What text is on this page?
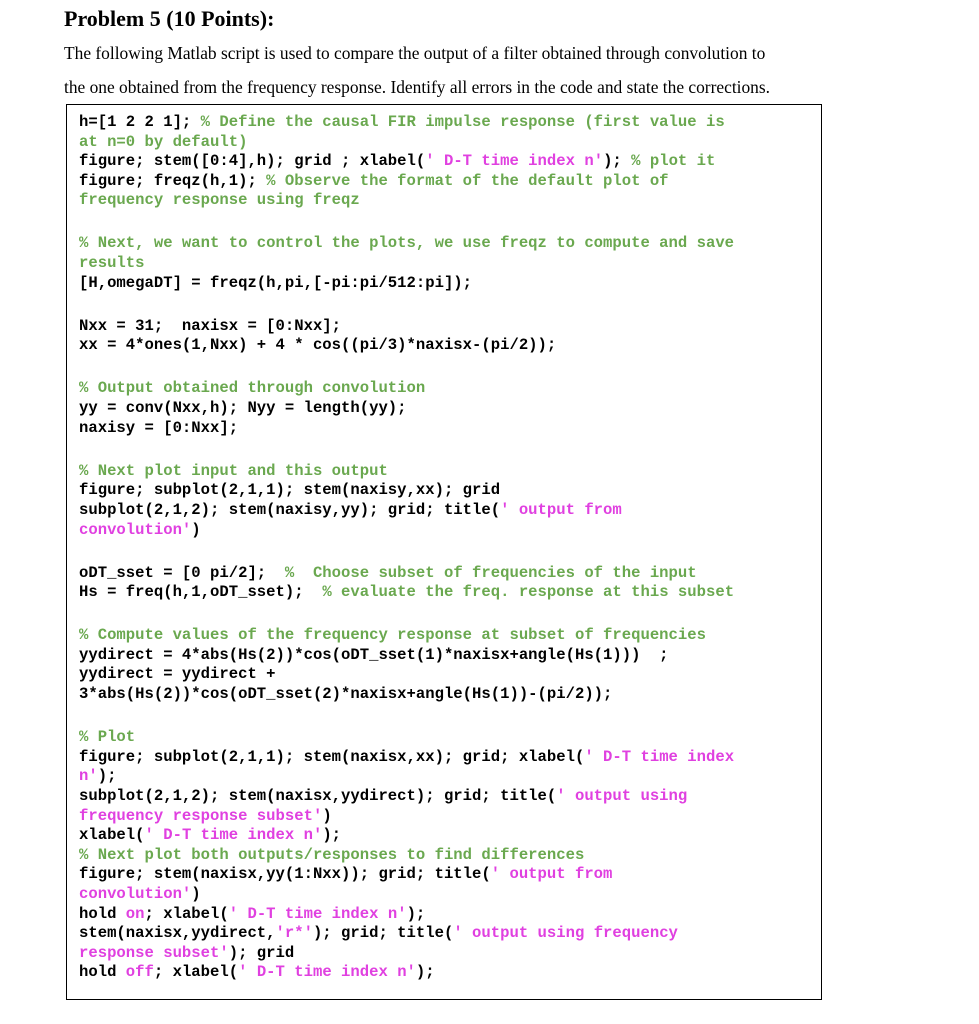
Problem 5 (10 Points):
The following Matlab script is used to compare the output of a filter obtained through convolution to
the one obtained from the frequency response. Identify all errors in the code and state the corrections.
h=[1 2 2 1]; % Define the causal FIR impulse response (first value is
at n=0 by default)
figure; stem([0:4],h); grid ; xlabel(' D-T time index n'); % plot it
figure; freqz(h,1); % Observe the format of the default plot of
frequency response using freqz
% Next, we want to control the plots, we use freqz to compute and save
results
[H,omegaDT] = freqz(h,pi,[-pi:pi/512:pi]);
Nxx = 31;  naxisx = [0:Nxx];
xx = 4*ones(1,Nxx) + 4 * cos((pi/3)*naxisx-(pi/2));
% Output obtained through convolution
yy = conv(Nxx,h); Nyy = length(yy);
naxisy = [0:Nxx];
% Next plot input and this output
figure; subplot(2,1,1); stem(naxisy,xx); grid
subplot(2,1,2); stem(naxisy,yy); grid; title(' output from
convolution')
oDT_sset = [0 pi/2];  %  Choose subset of frequencies of the input
Hs = freq(h,1,oDT_sset);  % evaluate the freq. response at this subset
% Compute values of the frequency response at subset of frequencies
yydirect = 4*abs(Hs(2))*cos(oDT_sset(1)*naxisx+angle(Hs(1)))  ;
yydirect = yydirect +
3*abs(Hs(2))*cos(oDT_sset(2)*naxisx+angle(Hs(1))-(pi/2));
% Plot
figure; subplot(2,1,1); stem(naxisx,xx); grid; xlabel(' D-T time index
n');
subplot(2,1,2); stem(naxisx,yydirect); grid; title(' output using
frequency response subset')
xlabel(' D-T time index n');
% Next plot both outputs/responses to find differences
figure; stem(naxisx,yy(1:Nxx)); grid; title(' output from
convolution')
hold on; xlabel(' D-T time index n');
stem(naxisx,yydirect,'r*'); grid; title(' output using frequency
response subset'); grid
hold off; xlabel(' D-T time index n');
